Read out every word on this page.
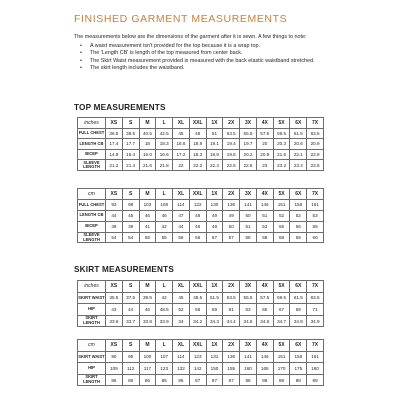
FINISHED GARMENT MEASUREMENTS

The measurements below are the dimensions of the garment after it is sewn. A few things to note:

• A waist measurement isn't provided for the top because it is a wrap top.
• The 'Length CB' is length of the top measured from center back.
• The Skirt Waist measurement provided is measured with the back elastic waistband stretched.
• The skirt length includes the waistband.
TOP MEASUREMENTS
inches	XS	S	M	L	XL	XXL	1X	2X	3X	4X	5X	6X	7X
FULL CHEST	36.5	38.5	40.5	42.5	45	48	51	53.5	55.5	57.5	59.5	61.5	63.5
LENGTH CB	17.4	17.7	18	18.3	18.6	18.9	19.1	19.4	19.7	20	20.3	20.6	20.9
BICEP	14.9	15.4	16.0	16.6	17.2	18.3	18.9	19.6	20.2	20.9	21.6	22.1	22.8
SLEEVE LENGTH	21.2	21.4	21.6	21.8	22	22.2	22.4	22.6	22.8	23	23.2	23.4	23.6
cm	XS	S	M	L	XL	XXL	1X	2X	3X	4X	5X	6X	7X
FULL CHEST	93	98	103	108	114	122	130	136	141	146	151	156	161
LENGTH CB	44	45	46	46	47	48	49	49	50	51	52	52	53
BICEP	38	39	41	42	44	46	48	50	51	53	55	56	58
SLEEVE LENGTH	54	54	55	55	56	56	57	57	58	58	59	59	60
SKIRT MEASUREMENTS
inches	XS	S	M	L	XL	XXL	1X	2X	3X	4X	5X	6X	7X
SKIRT WAIST	35.5	37.5	39.5	42	45	48.5	51.5	53.5	55.5	57.5	59.5	61.5	63.5
HIP	43	44	46	48.5	52	56	59	61	63	65	67	69	71
SKIRT LENGTH	33.6	33.7	33.8	33.9	34	34.2	34.3	34.4	34.5	34.6	34.7	34.8	34.9
cm	XS	S	M	L	XL	XXL	1X	2X	3X	4X	5X	6X	7X
SKIRT WAIST	90	95	100	107	114	123	131	136	141	146	151	156	161
HIP	109	112	117	123	132	142	150	155	160	165	170	175	180
SKIRT LENGTH	85	86	86	86	86	87	87	87	88	88	88	88	89
